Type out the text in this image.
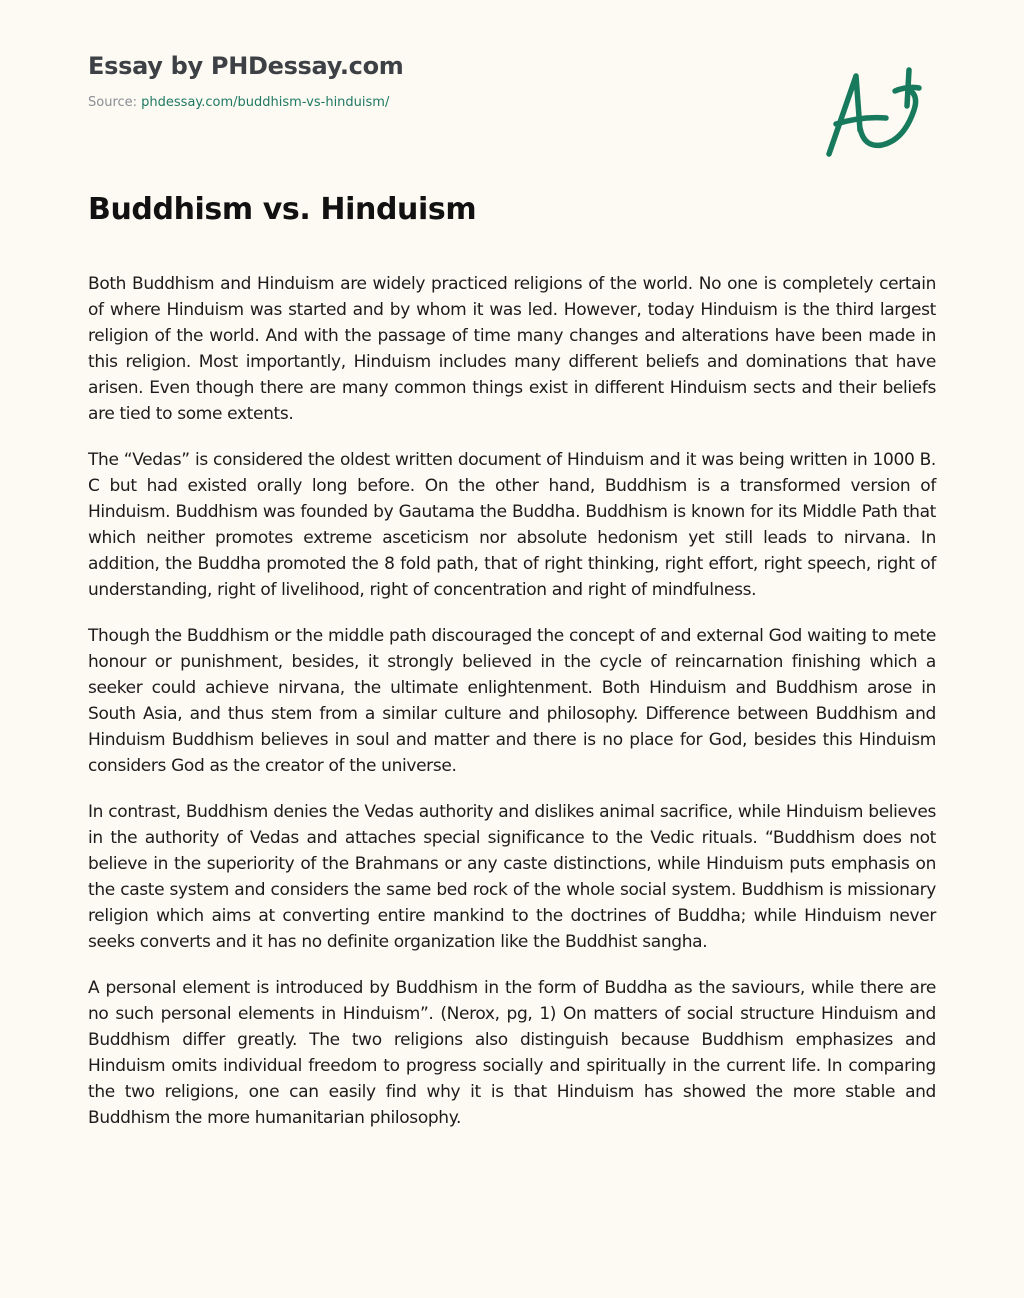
Essay by PHDessay.com
Source: phdessay.com/buddhism-vs-hinduism/
Buddhism vs. Hinduism

Both Buddhism and Hinduism are widely practiced religions of the world. No one is completely certain of where Hinduism was started and by whom it was led. However, today Hinduism is the third largest religion of the world. And with the passage of time many changes and alterations have been made in this religion. Most importantly, Hinduism includes many different beliefs and dominations that have arisen. Even though there are many common things exist in different Hinduism sects and their beliefs are tied to some extents.

The “Vedas” is considered the oldest written document of Hinduism and it was being written in 1000 B. C but had existed orally long before. On the other hand, Buddhism is a transformed version of Hinduism. Buddhism was founded by Gautama the Buddha. Buddhism is known for its Middle Path that which neither promotes extreme asceticism nor absolute hedonism yet still leads to nirvana. In addition, the Buddha promoted the 8 fold path, that of right thinking, right effort, right speech, right of understanding, right of livelihood, right of concentration and right of mindfulness.

Though the Buddhism or the middle path discouraged the concept of and external God waiting to mete honour or punishment, besides, it strongly believed in the cycle of reincarnation finishing which a seeker could achieve nirvana, the ultimate enlightenment. Both Hinduism and Buddhism arose in South Asia, and thus stem from a similar culture and philosophy. Difference between Buddhism and Hinduism Buddhism believes in soul and matter and there is no place for God, besides this Hinduism considers God as the creator of the universe.

In contrast, Buddhism denies the Vedas authority and dislikes animal sacrifice, while Hinduism believes in the authority of Vedas and attaches special significance to the Vedic rituals. “Buddhism does not believe in the superiority of the Brahmans or any caste distinctions, while Hinduism puts emphasis on the caste system and considers the same bed rock of the whole social system. Buddhism is missionary religion which aims at converting entire mankind to the doctrines of Buddha; while Hinduism never seeks converts and it has no definite organization like the Buddhist sangha.

A personal element is introduced by Buddhism in the form of Buddha as the saviours, while there are no such personal elements in Hinduism”. (Nerox, pg, 1) On matters of social structure Hinduism and Buddhism differ greatly. The two religions also distinguish because Buddhism emphasizes and Hinduism omits individual freedom to progress socially and spiritually in the current life. In comparing the two religions, one can easily find why it is that Hinduism has showed the more stable and Buddhism the more humanitarian philosophy.
